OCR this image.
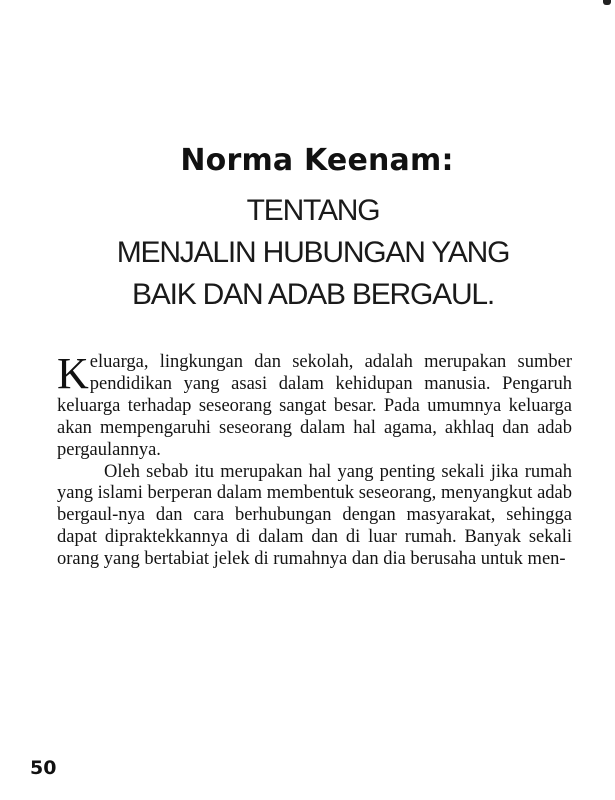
Norma Keenam:
TENTANG
MENJALIN HUBUNGAN YANG
BAIK DAN ADAB BERGAUL.

Keluarga, lingkungan dan sekolah, adalah merupakan sumber pendidikan yang asasi dalam kehidupan manusia. Pengaruh keluarga terhadap seseorang sangat besar. Pada umumnya keluarga akan mempengaruhi seseorang dalam hal agama, akhlaq dan adab pergaulannya.

Oleh sebab itu merupakan hal yang penting sekali jika rumah yang islami berperan dalam membentuk seseorang, menyangkut adab bergaul-nya dan cara berhubungan dengan masyarakat, sehingga dapat dipraktekkannya di dalam dan di luar rumah. Banyak sekali orang yang bertabiat jelek di rumahnya dan dia berusaha untuk men-

50
